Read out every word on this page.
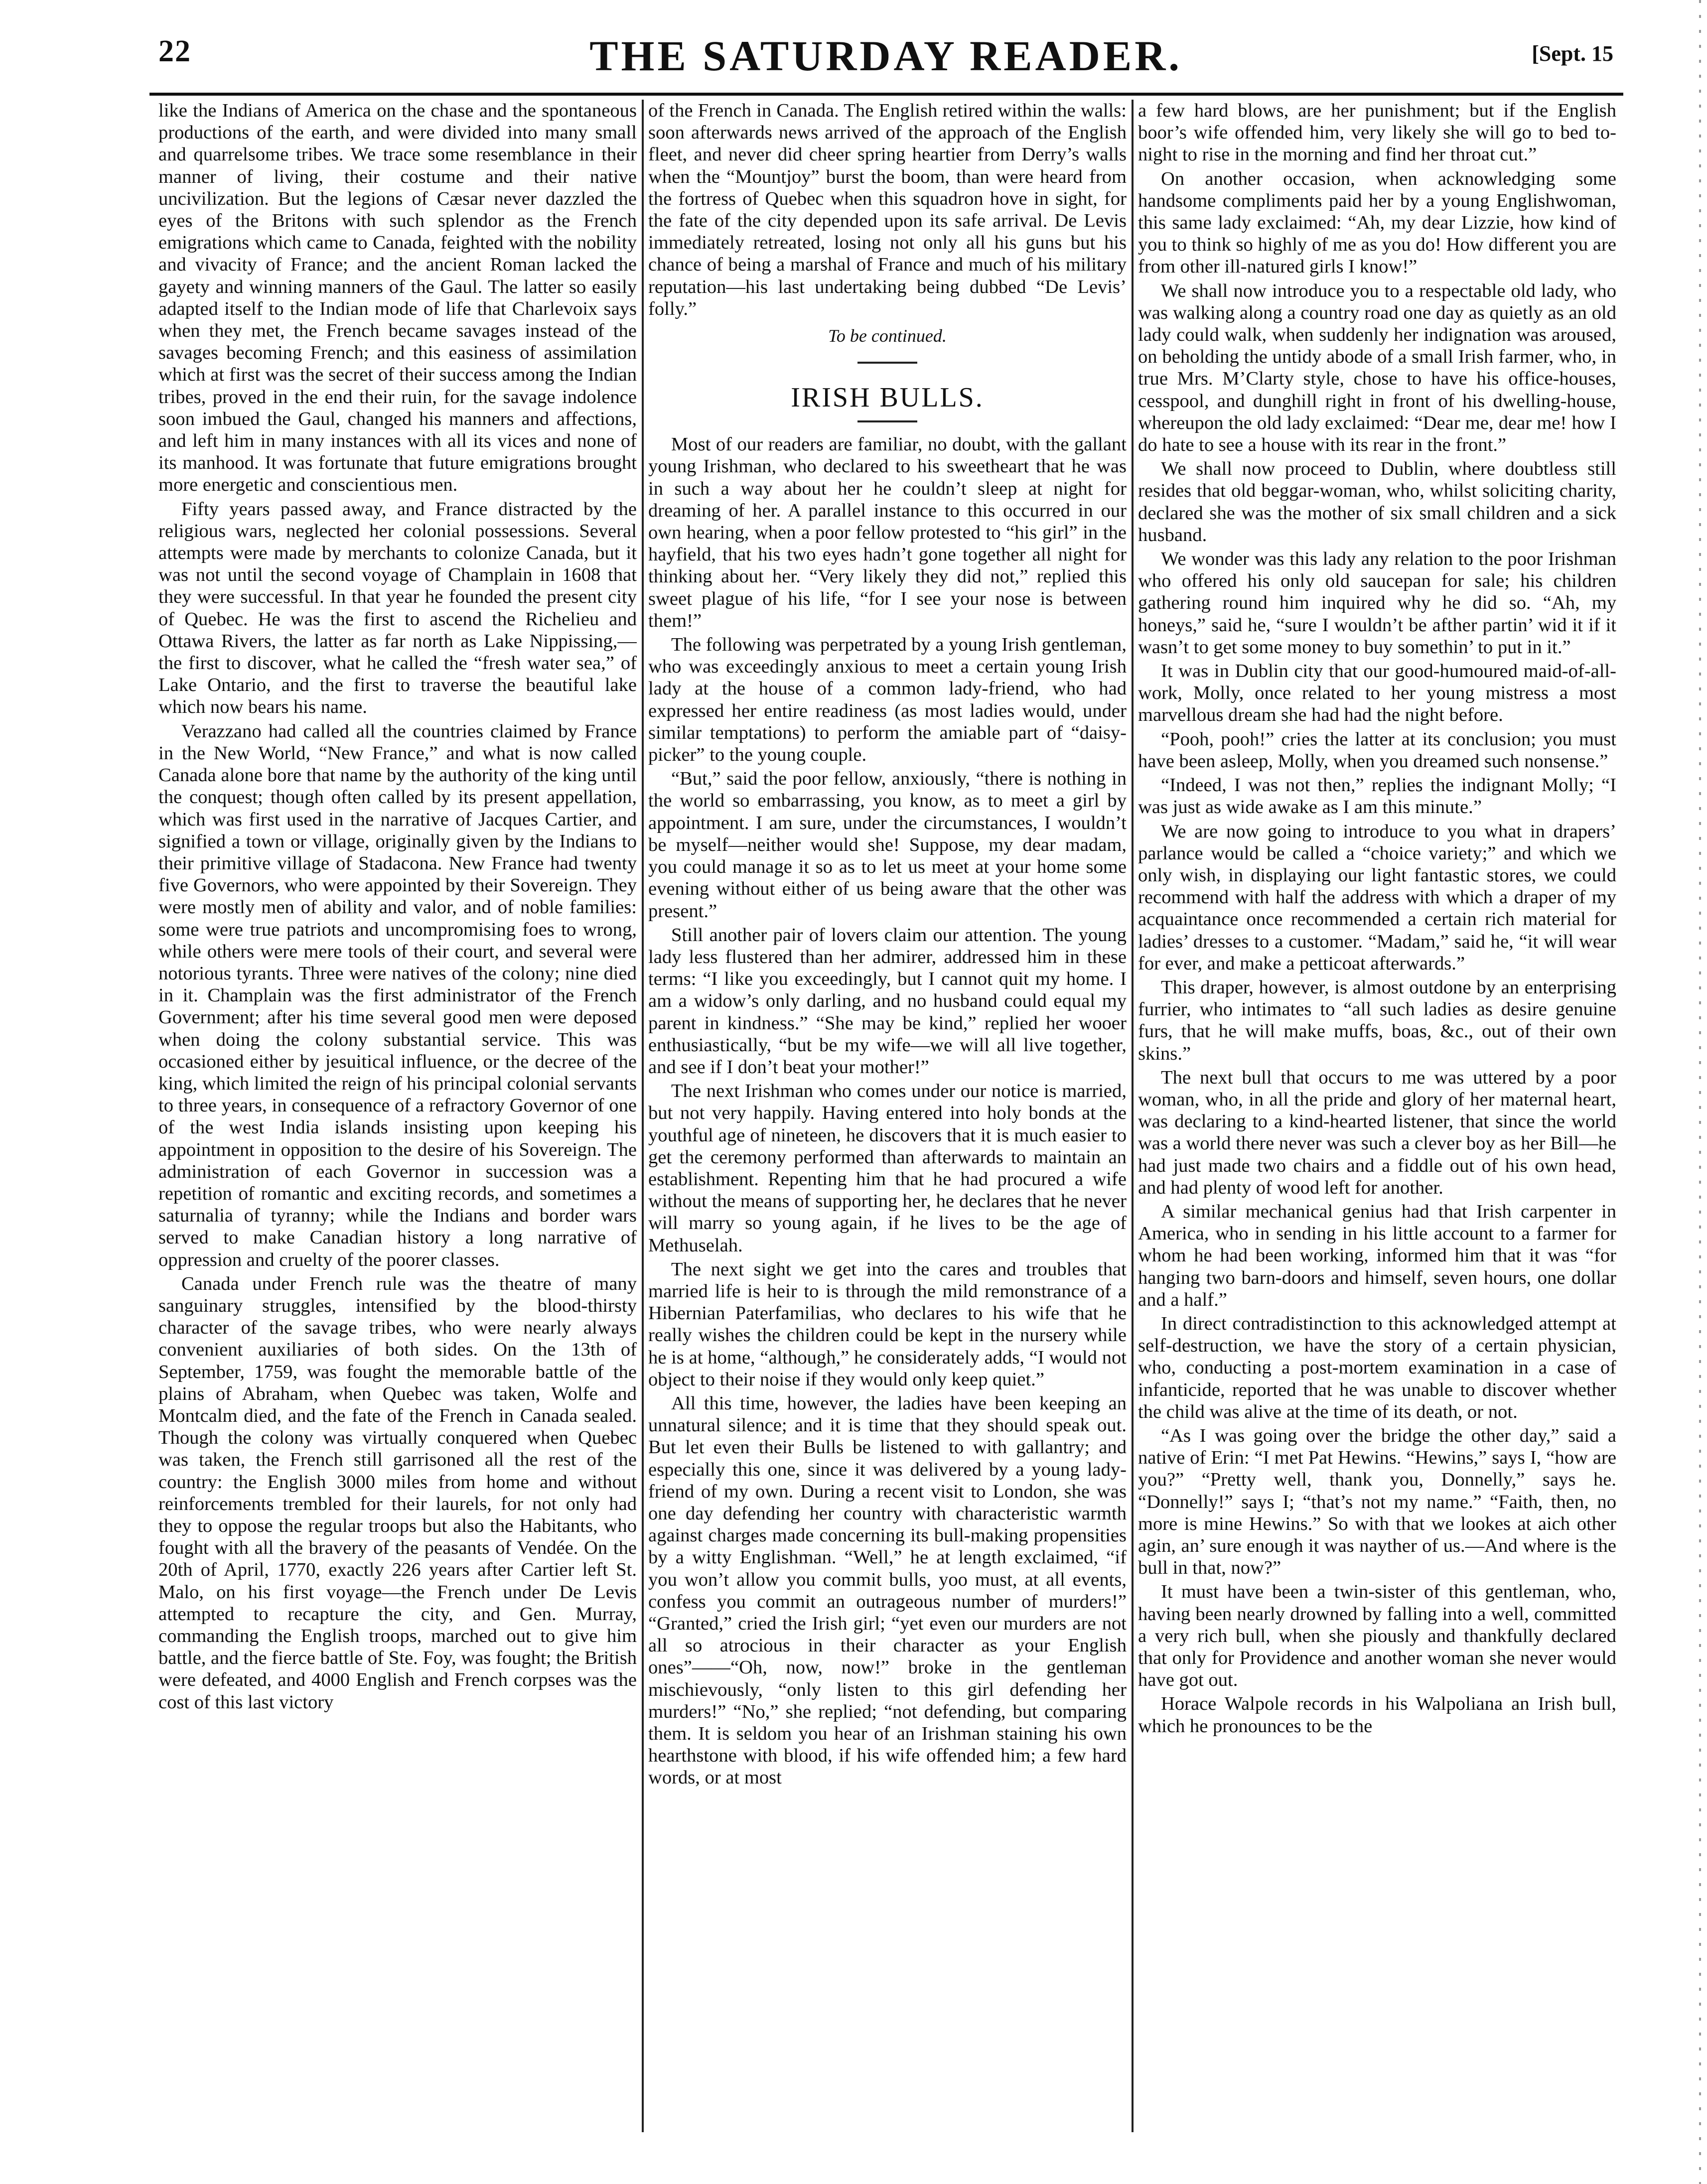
22	THE SATURDAY READER.	[Sept. 15

like the Indians of America on the chase and the spontaneous productions of the earth, and were divided into many small and quarrelsome tribes. We trace some resemblance in their manner of living, their costume and their native uncivilization. But the legions of Cæsar never dazzled the eyes of the Britons with such splendor as the French emigrations which came to Canada, feighted with the nobility and vivacity of France; and the ancient Roman lacked the gayety and winning manners of the Gaul. The latter so easily adapted itself to the Indian mode of life that Charlevoix says when they met, the French became savages instead of the savages becoming French; and this easiness of assimilation which at first was the secret of their success among the Indian tribes, proved in the end their ruin, for the savage indolence soon imbued the Gaul, changed his manners and affections, and left him in many instances with all its vices and none of its manhood. It was fortunate that future emigrations brought more energetic and conscientious men.

Fifty years passed away, and France distracted by the religious wars, neglected her colonial possessions. Several attempts were made by merchants to colonize Canada, but it was not until the second voyage of Champlain in 1608 that they were successful. In that year he founded the present city of Quebec. He was the first to ascend the Richelieu and Ottawa Rivers, the latter as far north as Lake Nippissing,—the first to discover, what he called the “fresh water sea,” of Lake Ontario, and the first to traverse the beautiful lake which now bears his name.

Verazzano had called all the countries claimed by France in the New World, “New France,” and what is now called Canada alone bore that name by the authority of the king until the conquest; though often called by its present appellation, which was first used in the narrative of Jacques Cartier, and signified a town or village, originally given by the Indians to their primitive village of Stadacona. New France had twenty five Governors, who were appointed by their Sovereign. They were mostly men of ability and valor, and of noble families: some were true patriots and uncompromising foes to wrong, while others were mere tools of their court, and several were notorious tyrants. Three were natives of the colony; nine died in it. Champlain was the first administrator of the French Government; after his time several good men were deposed when doing the colony substantial service. This was occasioned either by jesuitical influence, or the decree of the king, which limited the reign of his principal colonial servants to three years, in consequence of a refractory Governor of one of the west India islands insisting upon keeping his appointment in opposition to the desire of his Sovereign. The administration of each Governor in succession was a repetition of romantic and exciting records, and sometimes a saturnalia of tyranny; while the Indians and border wars served to make Canadian history a long narrative of oppression and cruelty of the poorer classes.

Canada under French rule was the theatre of many sanguinary struggles, intensified by the blood-thirsty character of the savage tribes, who were nearly always convenient auxiliaries of both sides. On the 13th of September, 1759, was fought the memorable battle of the plains of Abraham, when Quebec was taken, Wolfe and Montcalm died, and the fate of the French in Canada sealed. Though the colony was virtually conquered when Quebec was taken, the French still garrisoned all the rest of the country: the English 3000 miles from home and without reinforcements trembled for their laurels, for not only had they to oppose the regular troops but also the Habitants, who fought with all the bravery of the peasants of Vendée. On the 20th of April, 1770, exactly 226 years after Cartier left St. Malo, on his first voyage—the French under De Levis attempted to recapture the city, and Gen. Murray, commanding the English troops, marched out to give him battle, and the fierce battle of Ste. Foy, was fought; the British were defeated, and 4000 English and French corpses was the cost of this last victory

of the French in Canada. The English retired within the walls: soon afterwards news arrived of the approach of the English fleet, and never did cheer spring heartier from Derry’s walls when the “Mountjoy” burst the boom, than were heard from the fortress of Quebec when this squadron hove in sight, for the fate of the city depended upon its safe arrival. De Levis immediately retreated, losing not only all his guns but his chance of being a marshal of France and much of his military reputation—his last undertaking being dubbed “De Levis’ folly.”

To be continued.
IRISH BULLS.

Most of our readers are familiar, no doubt, with the gallant young Irishman, who declared to his sweetheart that he was in such a way about her he couldn’t sleep at night for dreaming of her. A parallel instance to this occurred in our own hearing, when a poor fellow protested to “his girl” in the hayfield, that his two eyes hadn’t gone together all night for thinking about her. “Very likely they did not,” replied this sweet plague of his life, “for I see your nose is between them!”

The following was perpetrated by a young Irish gentleman, who was exceedingly anxious to meet a certain young Irish lady at the house of a common lady-friend, who had expressed her entire readiness (as most ladies would, under similar temptations) to perform the amiable part of “daisy-picker” to the young couple.

“But,” said the poor fellow, anxiously, “there is nothing in the world so embarrassing, you know, as to meet a girl by appointment. I am sure, under the circumstances, I wouldn’t be myself—neither would she! Suppose, my dear madam, you could manage it so as to let us meet at your home some evening without either of us being aware that the other was present.”

Still another pair of lovers claim our attention. The young lady less flustered than her admirer, addressed him in these terms: “I like you exceedingly, but I cannot quit my home. I am a widow’s only darling, and no husband could equal my parent in kindness.” “She may be kind,” replied her wooer enthusiastically, “but be my wife—we will all live together, and see if I don’t beat your mother!”

The next Irishman who comes under our notice is married, but not very happily. Having entered into holy bonds at the youthful age of nineteen, he discovers that it is much easier to get the ceremony performed than afterwards to maintain an establishment. Repenting him that he had procured a wife without the means of supporting her, he declares that he never will marry so young again, if he lives to be the age of Methuselah.

The next sight we get into the cares and troubles that married life is heir to is through the mild remonstrance of a Hibernian Paterfamilias, who declares to his wife that he really wishes the children could be kept in the nursery while he is at home, “although,” he considerately adds, “I would not object to their noise if they would only keep quiet.”

All this time, however, the ladies have been keeping an unnatural silence; and it is time that they should speak out. But let even their Bulls be listened to with gallantry; and especially this one, since it was delivered by a young lady-friend of my own. During a recent visit to London, she was one day defending her country with characteristic warmth against charges made concerning its bull-making propensities by a witty Englishman. “Well,” he at length exclaimed, “if you won’t allow you commit bulls, yoo must, at all events, confess you commit an outrageous number of murders!” “Granted,” cried the Irish girl; “yet even our murders are not all so atrocious in their character as your English ones”——“Oh, now, now!” broke in the gentleman mischievously, “only listen to this girl defending her murders!” “No,” she replied; “not defending, but comparing them. It is seldom you hear of an Irishman staining his own hearthstone with blood, if his wife offended him; a few hard words, or at most

a few hard blows, are her punishment; but if the English boor’s wife offended him, very likely she will go to bed to-night to rise in the morning and find her throat cut.”

On another occasion, when acknowledging some handsome compliments paid her by a young Englishwoman, this same lady exclaimed: “Ah, my dear Lizzie, how kind of you to think so highly of me as you do! How different you are from other ill-natured girls I know!”

We shall now introduce you to a respectable old lady, who was walking along a country road one day as quietly as an old lady could walk, when suddenly her indignation was aroused, on beholding the untidy abode of a small Irish farmer, who, in true Mrs. M’Clarty style, chose to have his office-houses, cesspool, and dunghill right in front of his dwelling-house, whereupon the old lady exclaimed: “Dear me, dear me! how I do hate to see a house with its rear in the front.”

We shall now proceed to Dublin, where doubtless still resides that old beggar-woman, who, whilst soliciting charity, declared she was the mother of six small children and a sick husband.

We wonder was this lady any relation to the poor Irishman who offered his only old saucepan for sale; his children gathering round him inquired why he did so. “Ah, my honeys,” said he, “sure I wouldn’t be afther partin’ wid it if it wasn’t to get some money to buy somethin’ to put in it.”

It was in Dublin city that our good-humoured maid-of-all-work, Molly, once related to her young mistress a most marvellous dream she had had the night before.

“Pooh, pooh!” cries the latter at its conclusion; you must have been asleep, Molly, when you dreamed such nonsense.”

“Indeed, I was not then,” replies the indignant Molly; “I was just as wide awake as I am this minute.”

We are now going to introduce to you what in drapers’ parlance would be called a “choice variety;” and which we only wish, in displaying our light fantastic stores, we could recommend with half the address with which a draper of my acquaintance once recommended a certain rich material for ladies’ dresses to a customer. “Madam,” said he, “it will wear for ever, and make a petticoat afterwards.”

This draper, however, is almost outdone by an enterprising furrier, who intimates to “all such ladies as desire genuine furs, that he will make muffs, boas, &c., out of their own skins.”

The next bull that occurs to me was uttered by a poor woman, who, in all the pride and glory of her maternal heart, was declaring to a kind-hearted listener, that since the world was a world there never was such a clever boy as her Bill—he had just made two chairs and a fiddle out of his own head, and had plenty of wood left for another.

A similar mechanical genius had that Irish carpenter in America, who in sending in his little account to a farmer for whom he had been working, informed him that it was “for hanging two barn-doors and himself, seven hours, one dollar and a half.”

In direct contradistinction to this acknowledged attempt at self-destruction, we have the story of a certain physician, who, conducting a post-mortem examination in a case of infanticide, reported that he was unable to discover whether the child was alive at the time of its death, or not.

“As I was going over the bridge the other day,” said a native of Erin: “I met Pat Hewins. “Hewins,” says I, “how are you?” “Pretty well, thank you, Donnelly,” says he. “Donnelly!” says I; “that’s not my name.” “Faith, then, no more is mine Hewins.” So with that we lookes at aich other agin, an’ sure enough it was nayther of us.—And where is the bull in that, now?”

It must have been a twin-sister of this gentleman, who, having been nearly drowned by falling into a well, committed a very rich bull, when she piously and thankfully declared that only for Providence and another woman she never would have got out.

Horace Walpole records in his Walpoliana an Irish bull, which he pronounces to be the
